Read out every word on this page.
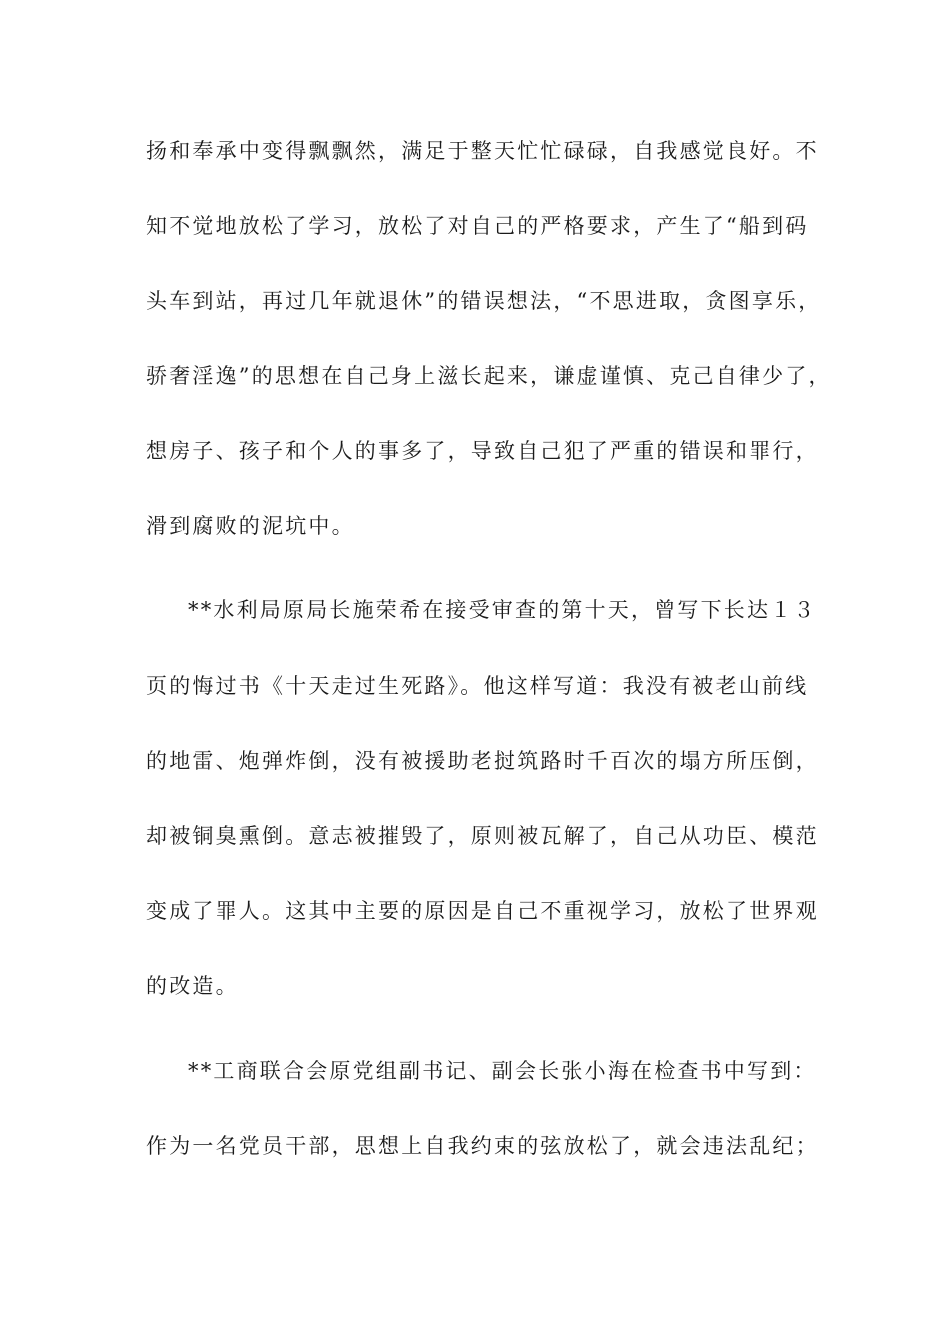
扬和奉承中变得飘飘然，满足于整天忙忙碌碌，自我感觉良好。不
知不觉地放松了学习，放松了对自己的严格要求，产生了“船到码
头车到站，再过几年就退休”的错误想法，“不思进取，贪图享乐，
骄奢淫逸”的思想在自己身上滋长起来，谦虚谨慎、克己自律少了，
想房子、孩子和个人的事多了，导致自己犯了严重的错误和罪行，
滑到腐败的泥坑中。
**水利局原局长施荣希在接受审查的第十天，曾写下长达１３
页的悔过书《十天走过生死路》。他这样写道：我没有被老山前线
的地雷、炮弹炸倒，没有被援助老挝筑路时千百次的塌方所压倒，
却被铜臭熏倒。意志被摧毁了，原则被瓦解了，自己从功臣、模范
变成了罪人。这其中主要的原因是自己不重视学习，放松了世界观
的改造。
**工商联合会原党组副书记、副会长张小海在检查书中写到：
作为一名党员干部，思想上自我约束的弦放松了，就会违法乱纪；
